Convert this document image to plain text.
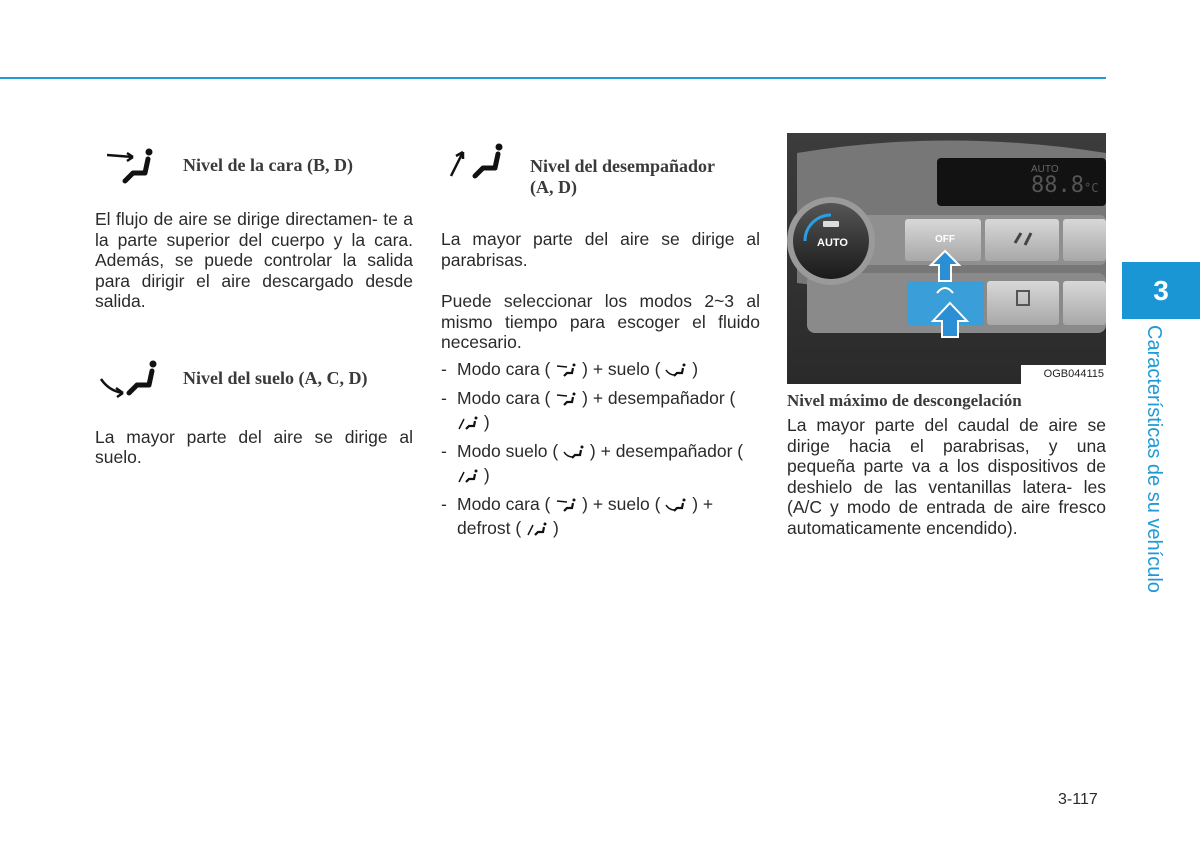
3
Características de su vehículo
Nivel de la cara (B, D)
El flujo de aire se dirige directamen- te a la parte superior del cuerpo y la cara. Además, se puede controlar la salida para dirigir el aire descargado desde salida.
Nivel del suelo (A, C, D)
La mayor parte del aire se dirige al suelo.
Nivel del desempañador
(A, D)
La mayor parte del aire se dirige al parabrisas.
Puede seleccionar los modos 2~3 al mismo tiempo para escoger el fluido necesario.
- Modo cara ( ) + suelo ( )
- Modo cara ( ) + desempañador (  )
- Modo suelo ( ) + desempañador (  )
- Modo cara ( ) + suelo ( ) + defrost ( )
AUTO	OFF
AUTO
88.8°C
OGB044115
Nivel máximo de descongelación
La mayor parte del caudal de aire se dirige hacia el parabrisas, y una pequeña parte va a los dispositivos de deshielo de las ventanillas latera- les (A/C y modo de entrada de aire fresco automaticamente encendido).
3-117
